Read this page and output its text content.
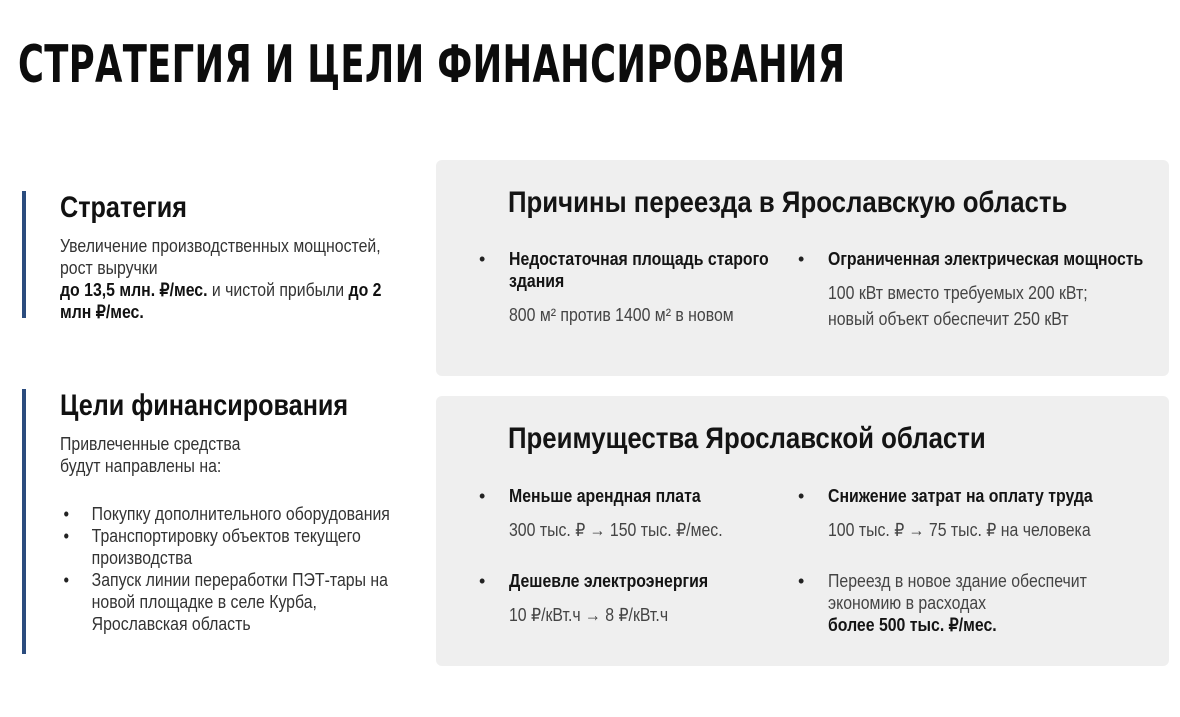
СТРАТЕГИЯ И ЦЕЛИ ФИНАНСИРОВАНИЯ
Стратегия
Увеличение производственных мощностей, рост выручки
до 13,5 млн. ₽/мес. и чистой прибыли до 2 млн ₽/мес.
Цели финансирования
Привлеченные средства
будут направлены на:
• Покупку дополнительного оборудования
• Транспортировку объектов текущего производства
• Запуск линии переработки ПЭТ-тары на новой площадке в селе Курба, Ярославская область
Причины переезда в Ярославскую область
• Недостаточная площадь старого здания
800 м² против 1400 м² в новом
• Ограниченная электрическая мощность
100 кВт вместо требуемых 200 кВт; новый объект обеспечит 250 кВт
Преимущества Ярославской области
• Меньше арендная плата
300 тыс. ₽ → 150 тыс. ₽/мес.
• Снижение затрат на оплату труда
100 тыс. ₽ → 75 тыс. ₽ на человека
• Дешевле электроэнергия
10 ₽/кВт.ч → 8 ₽/кВт.ч
• Переезд в новое здание обеспечит экономию в расходах
более 500 тыс. ₽/мес.
